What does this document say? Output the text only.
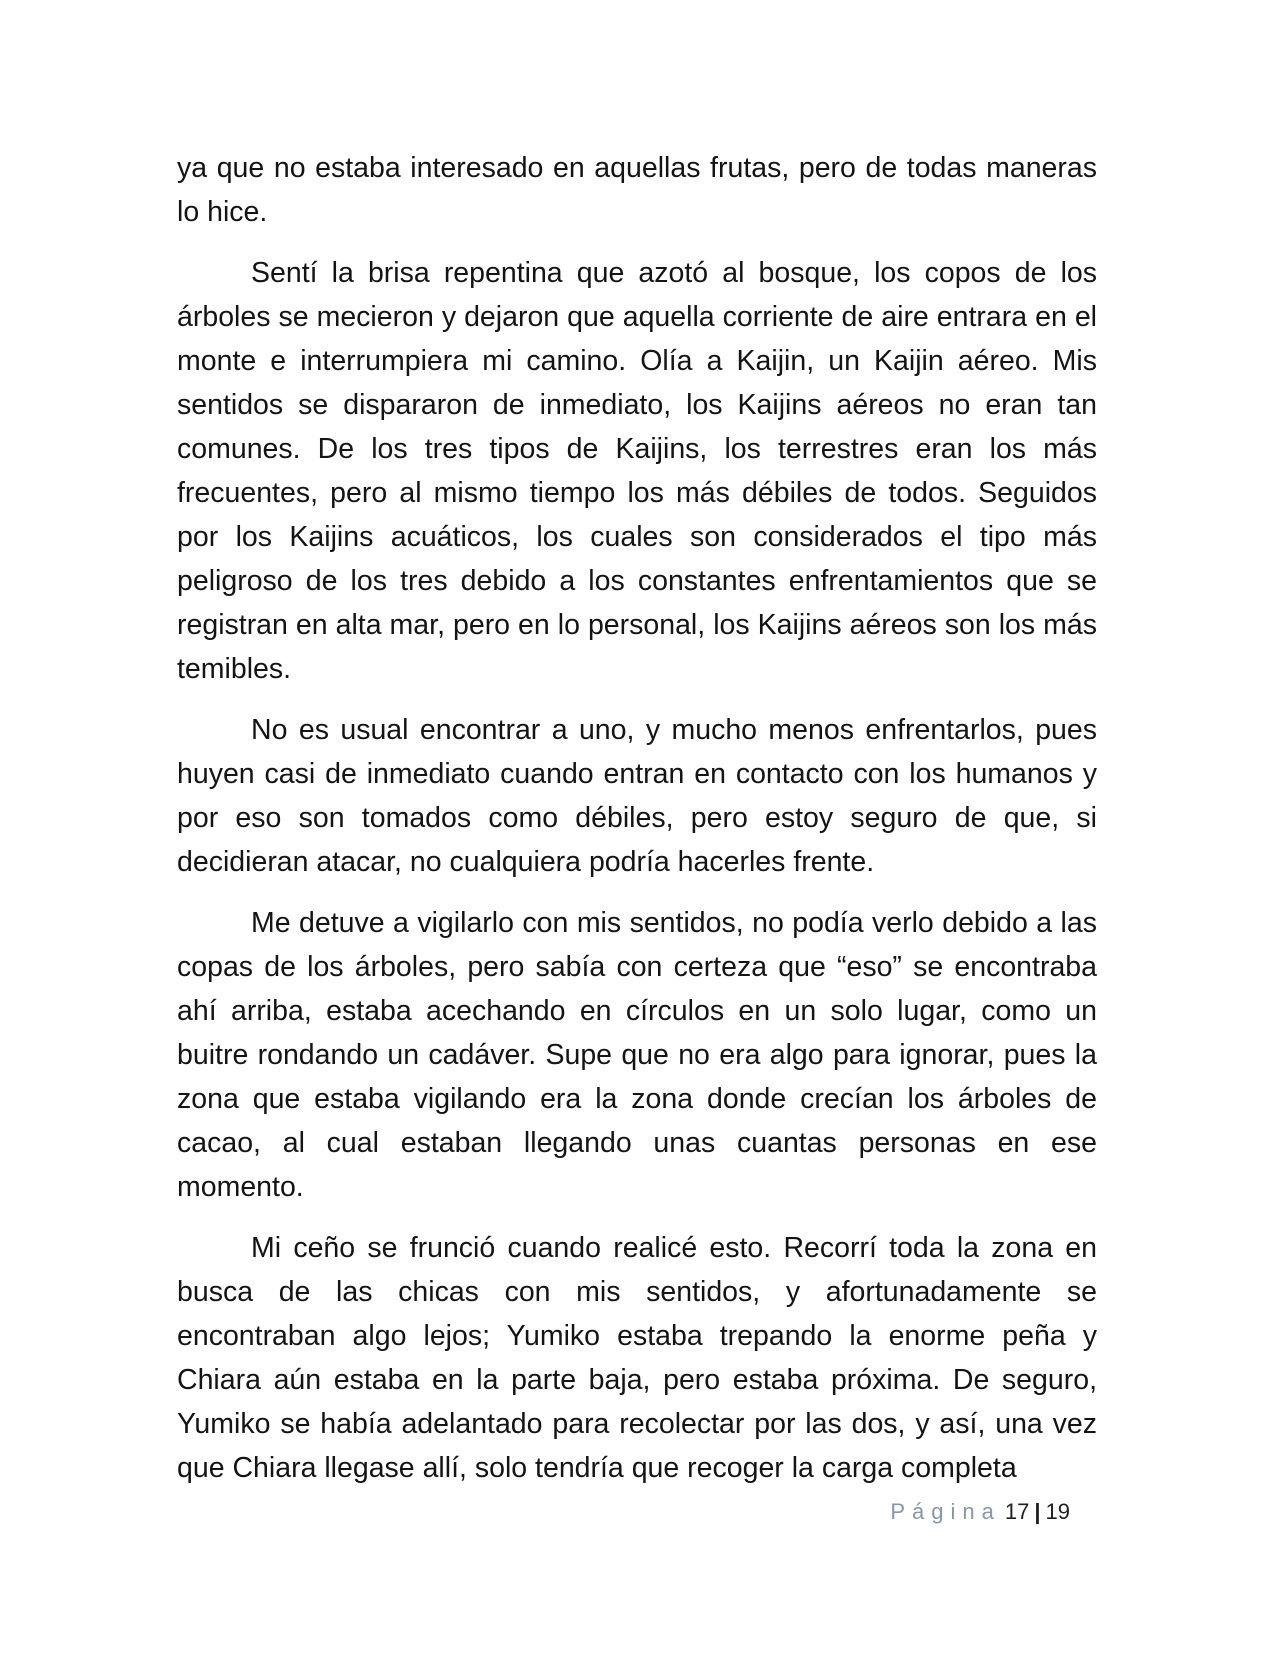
ya que no estaba interesado en aquellas frutas, pero de todas maneras lo hice.

Sentí la brisa repentina que azotó al bosque, los copos de los árboles se mecieron y dejaron que aquella corriente de aire entrara en el monte e interrumpiera mi camino. Olía a Kaijin, un Kaijin aéreo. Mis sentidos se dispararon de inmediato, los Kaijins aéreos no eran tan comunes. De los tres tipos de Kaijins, los terrestres eran los más frecuentes, pero al mismo tiempo los más débiles de todos. Seguidos por los Kaijins acuáticos, los cuales son considerados el tipo más peligroso de los tres debido a los constantes enfrentamientos que se registran en alta mar, pero en lo personal, los Kaijins aéreos son los más temibles.

No es usual encontrar a uno, y mucho menos enfrentarlos, pues huyen casi de inmediato cuando entran en contacto con los humanos y por eso son tomados como débiles, pero estoy seguro de que, si decidieran atacar, no cualquiera podría hacerles frente.

Me detuve a vigilarlo con mis sentidos, no podía verlo debido a las copas de los árboles, pero sabía con certeza que “eso” se encontraba ahí arriba, estaba acechando en círculos en un solo lugar, como un buitre rondando un cadáver. Supe que no era algo para ignorar, pues la zona que estaba vigilando era la zona donde crecían los árboles de cacao, al cual estaban llegando unas cuantas personas en ese momento.

Mi ceño se frunció cuando realicé esto. Recorrí toda la zona en busca de las chicas con mis sentidos, y afortunadamente se encontraban algo lejos; Yumiko estaba trepando la enorme peña y Chiara aún estaba en la parte baja, pero estaba próxima. De seguro, Yumiko se había adelantado para recolectar por las dos, y así, una vez que Chiara llegase allí, solo tendría que recoger la carga completa

Página 17 | 19
